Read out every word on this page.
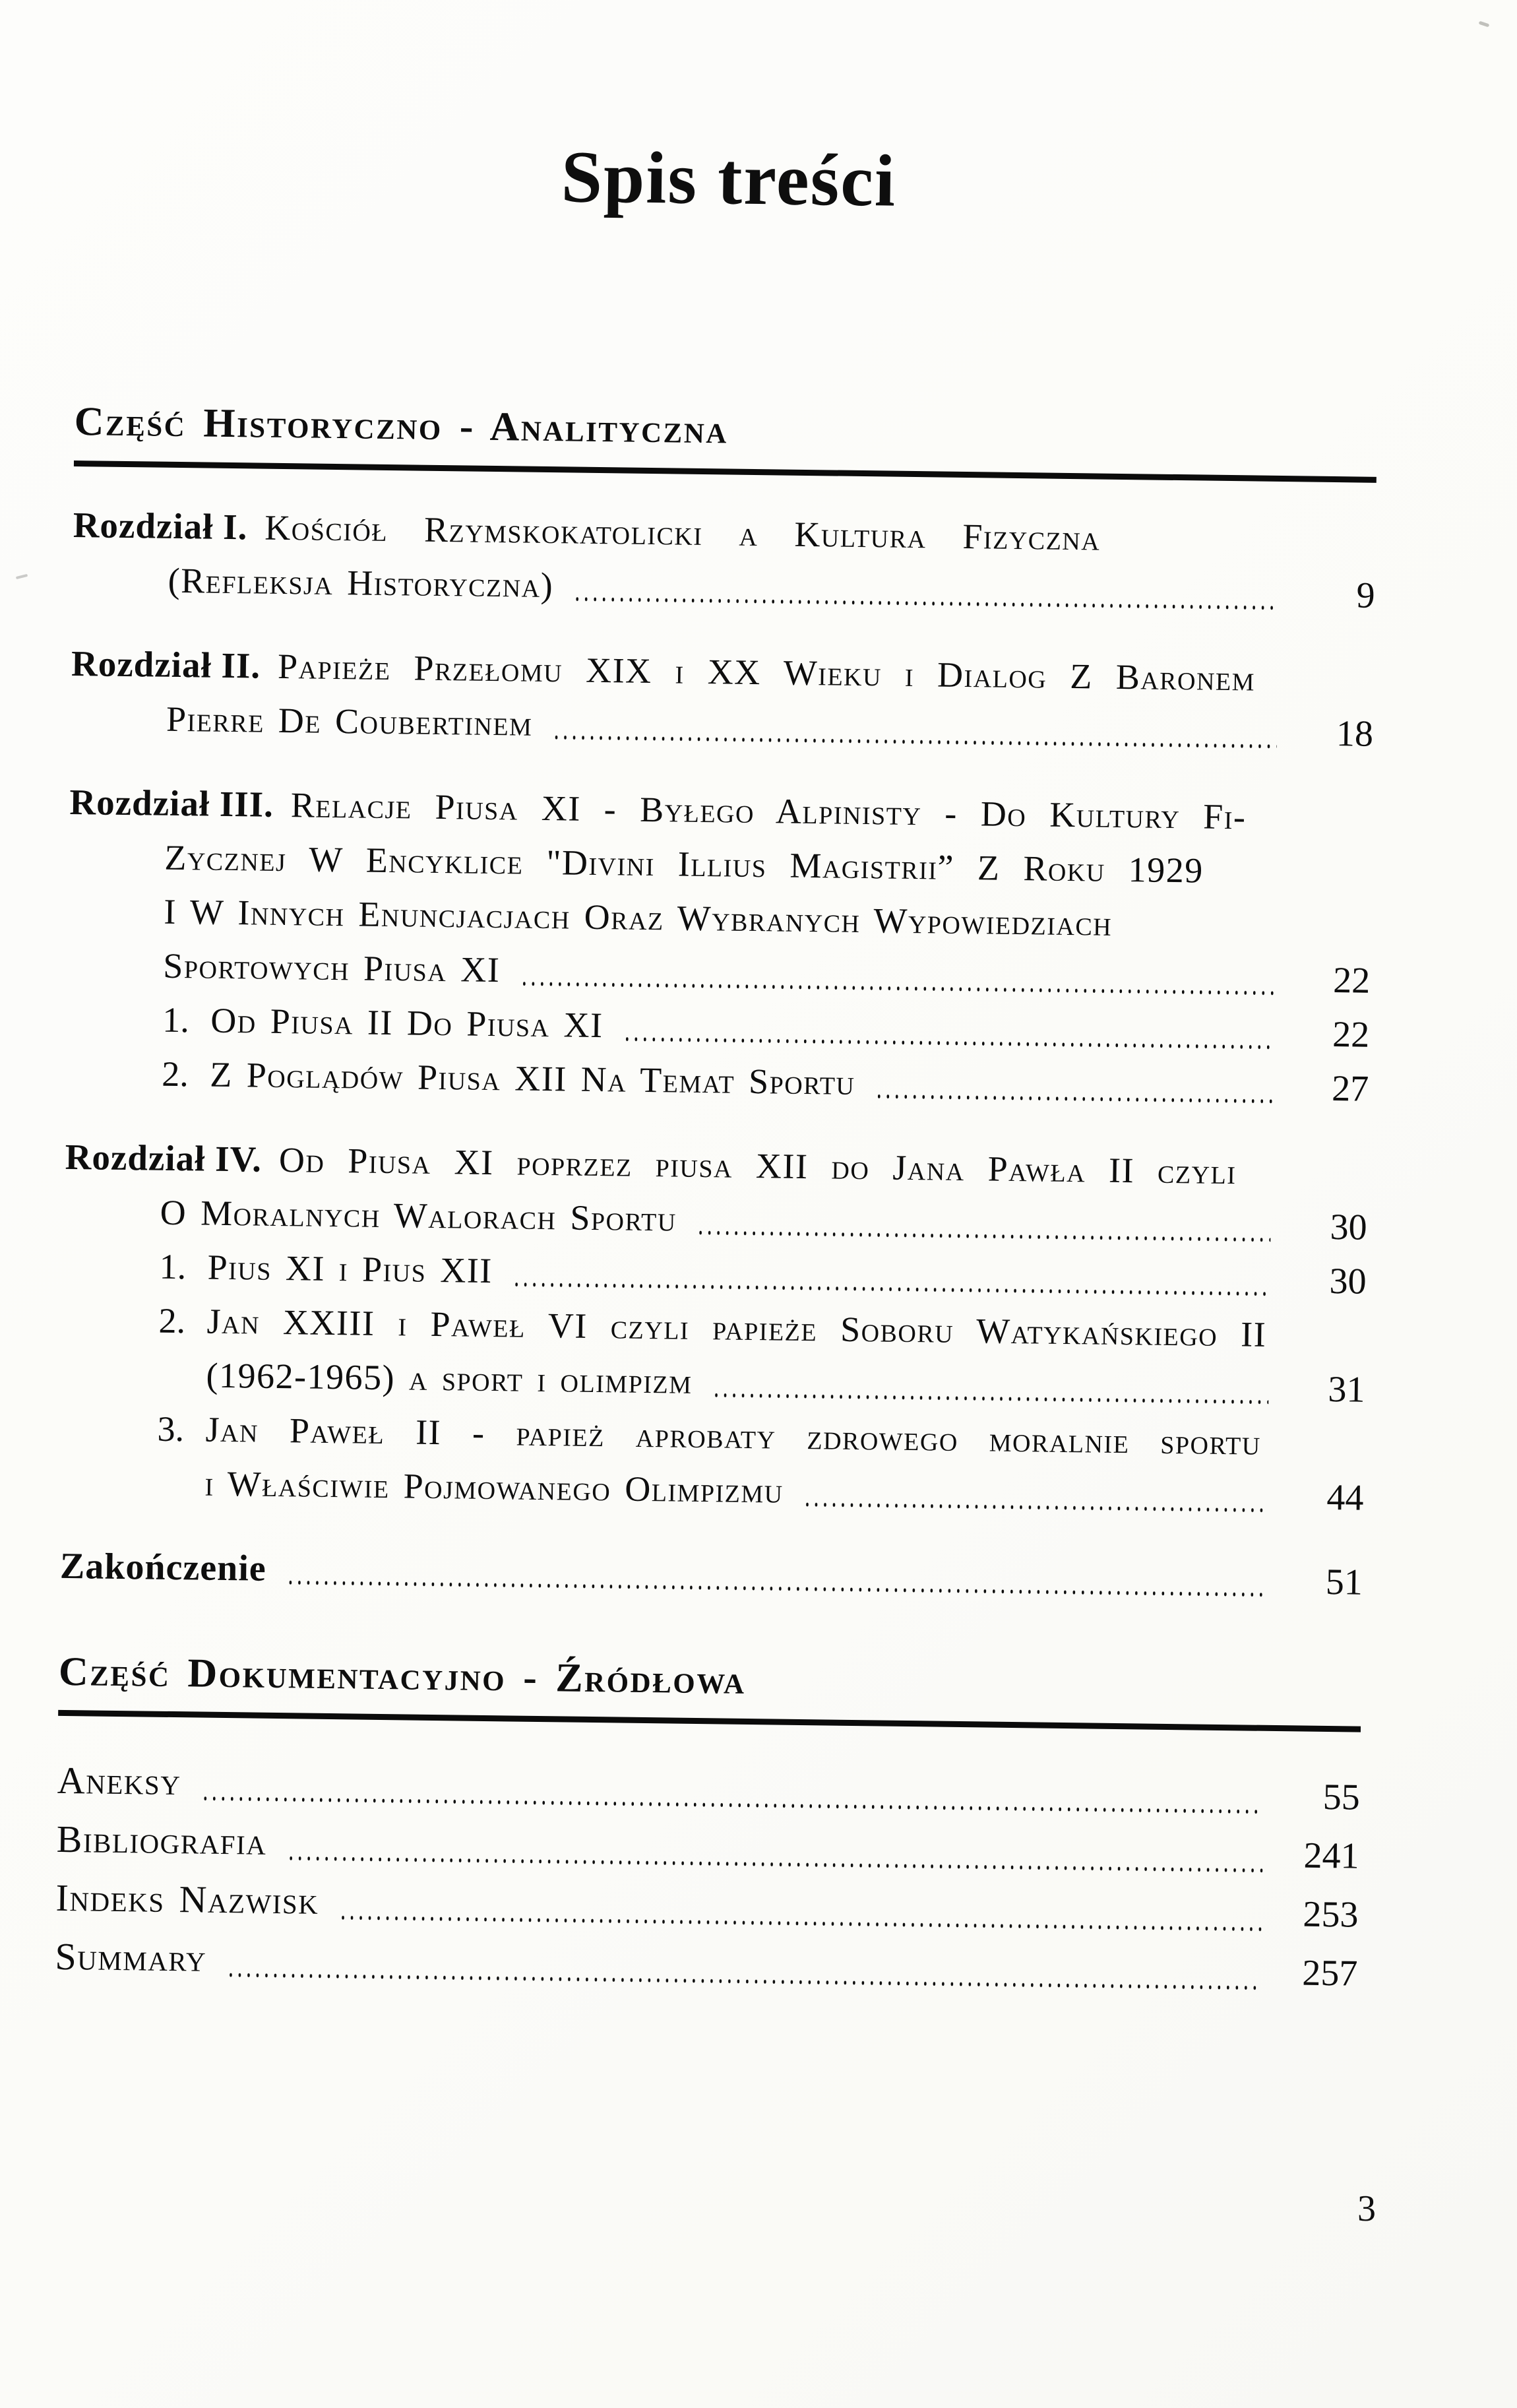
Spis treści
Część Historyczno - Analityczna
Rozdział I. Kościół Rzymskokatolicki a Kultura Fizyczna
(Refleksja Historyczna)	9
Rozdział II. Papieże Przełomu XIX i XX Wieku i Dialog Z Baronem
Pierre De Coubertinem	18
Rozdział III. Relacje Piusa XI - Byłego Alpinisty - Do Kultury Fi-
Zycznej W Encyklice "Divini Illius Magistrii” Z Roku 1929
I W Innych Enuncjacjach Oraz Wybranych Wypowiedziach
Sportowych Piusa XI	22
1. Od Piusa II Do Piusa XI	22
2. Z Poglądów Piusa XII Na Temat Sportu	27
Rozdział IV. Od Piusa XI poprzez piusa XII do Jana Pawła II czyli
O Moralnych Walorach Sportu	30
1. Pius XI i Pius XII	30
2. Jan XXIII i Paweł VI czyli papieże Soboru Watykańskiego II
(1962-1965) a sport i olimpizm	31
3. Jan Paweł II - papież aprobaty zdrowego moralnie sportu
i Właściwie Pojmowanego Olimpizmu	44
Zakończenie	51
Część Dokumentacyjno - Źródłowa
Aneksy	55
Bibliografia	241
Indeks Nazwisk	253
Summary	257
3
